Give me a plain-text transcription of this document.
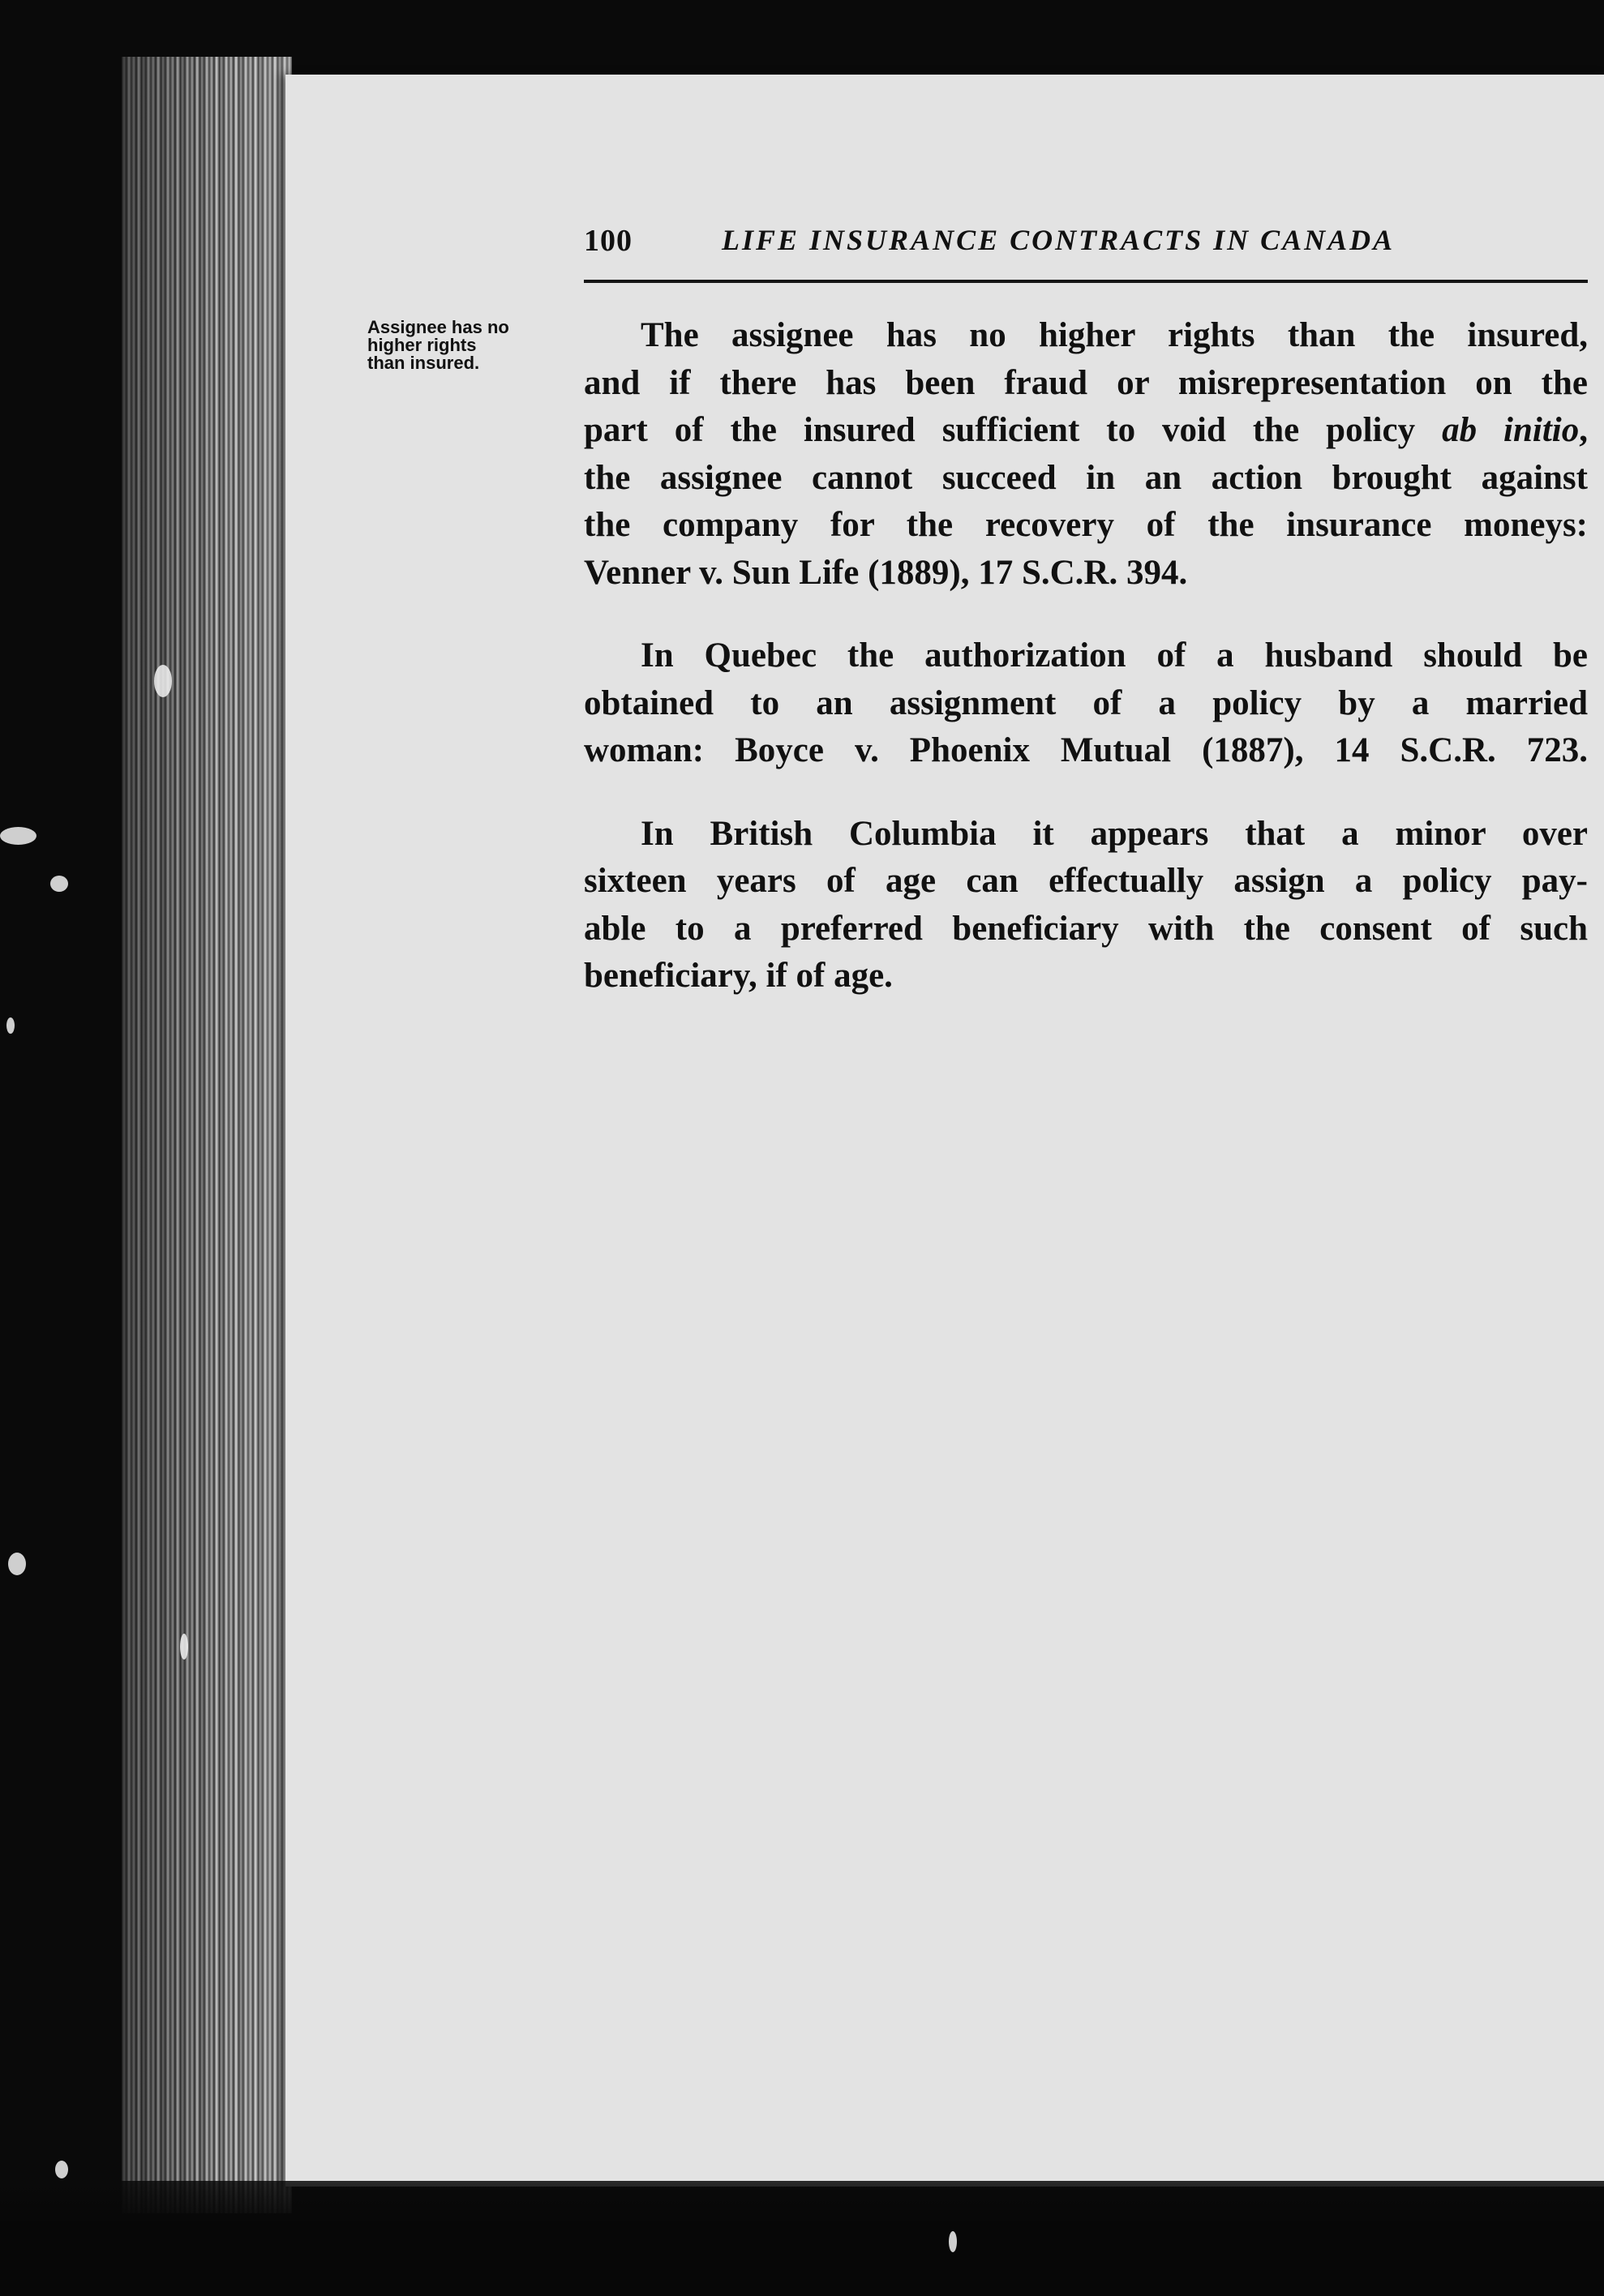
100	LIFE INSURANCE CONTRACTS IN CANADA
Assignee has no
higher rights
than insured.
The assignee has no higher rights than the insured,
and if there has been fraud or misrepresentation on the
part of the insured sufficient to void the policy ab initio,
the assignee cannot succeed in an action brought against
the company for the recovery of the insurance moneys:
Venner v. Sun Life (1889), 17 S.C.R. 394.
In Quebec the authorization of a husband should be
obtained to an assignment of a policy by a married
woman: Boyce v. Phoenix Mutual (1887), 14 S.C.R. 723.
In British Columbia it appears that a minor over
sixteen years of age can effectually assign a policy pay-
able to a preferred beneficiary with the consent of such
beneficiary, if of age.
